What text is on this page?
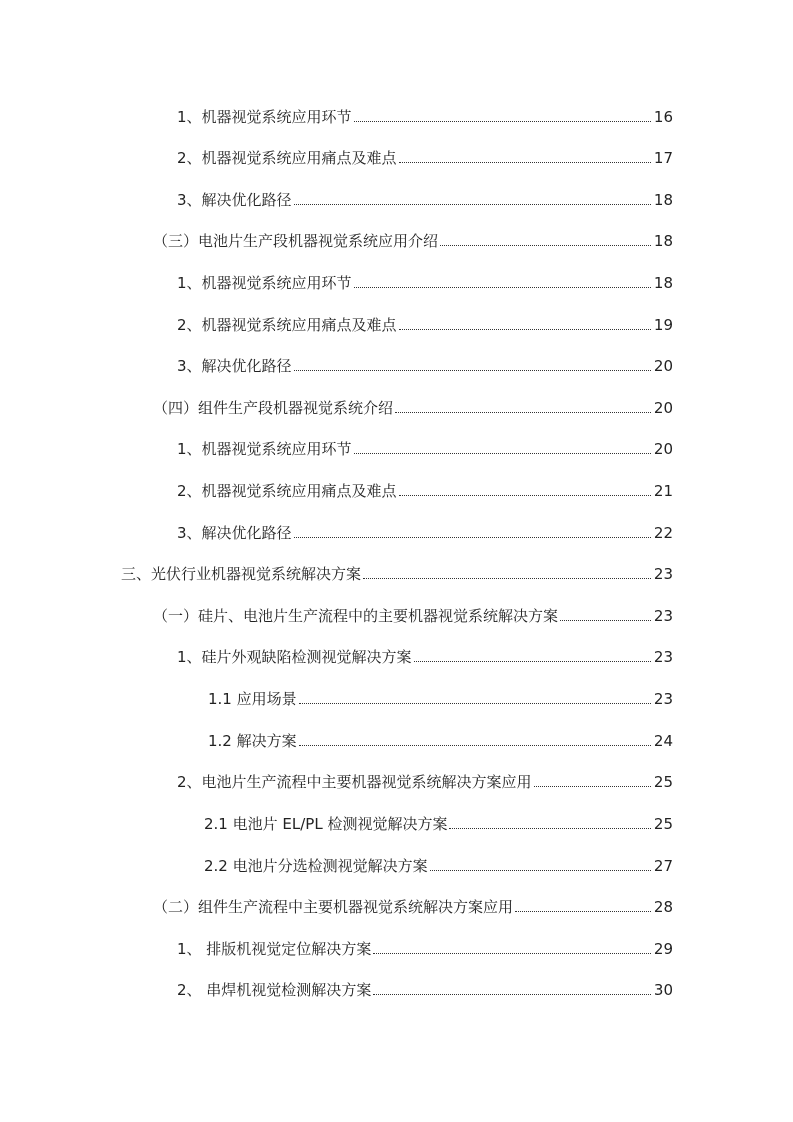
1、机器视觉系统应用环节	16
2、机器视觉系统应用痛点及难点	17
3、解决优化路径	18
（三）电池片生产段机器视觉系统应用介绍	18
1、机器视觉系统应用环节	18
2、机器视觉系统应用痛点及难点	19
3、解决优化路径	20
（四）组件生产段机器视觉系统介绍	20
1、机器视觉系统应用环节	20
2、机器视觉系统应用痛点及难点	21
3、解决优化路径	22
三、光伏行业机器视觉系统解决方案	23
（一）硅片、电池片生产流程中的主要机器视觉系统解决方案	23
1、硅片外观缺陷检测视觉解决方案	23
1.1 应用场景	23
1.2 解决方案	24
2、电池片生产流程中主要机器视觉系统解决方案应用	25
2.1 电池片 EL/PL 检测视觉解决方案	25
2.2 电池片分选检测视觉解决方案	27
（二）组件生产流程中主要机器视觉系统解决方案应用	28
1、 排版机视觉定位解决方案	29
2、 串焊机视觉检测解决方案	30
